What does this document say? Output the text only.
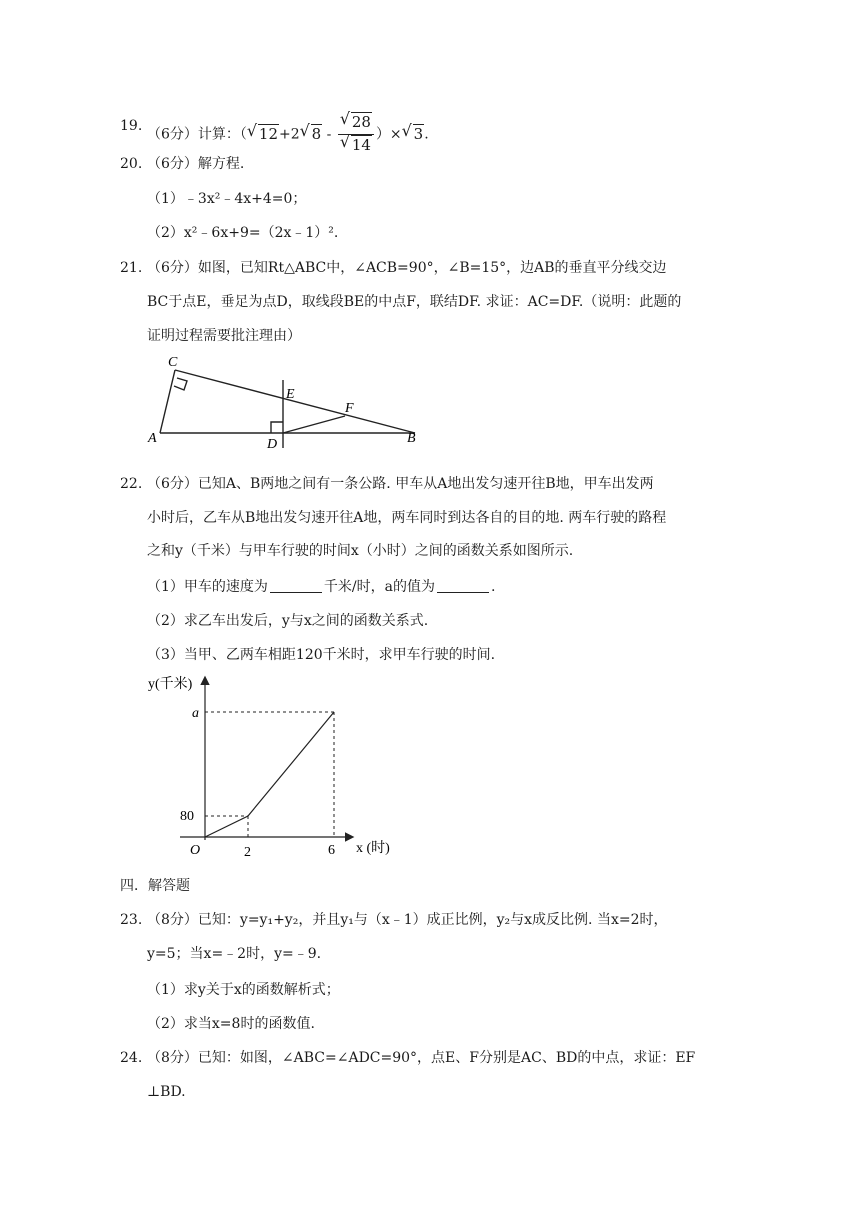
19.
（6分）计算：（ √ 12+2 √ $8 - \frac{√ 28}{√ 14}$ ）× √ 3.
20. （6分）解方程.
（1）﹣3x²﹣4x+4=0；
（2）x²﹣6x+9=（2x﹣1）².
21. （6分）如图，已知Rt△ABC中，∠ACB=90°，∠B=15°，边AB的垂直平分线交边
BC于点E，垂足为点D，取线段BE的中点F，联结DF. 求证：AC=DF.（说明：此题的
证明过程需要批注理由）
C
E
F
A	D	B
22. （6分）已知A、B两地之间有一条公路. 甲车从A地出发匀速开往B地，甲车出发两
小时后，乙车从B地出发匀速开往A地，两车同时到达各自的目的地. 两车行驶的路程
之和y（千米）与甲车行驶的时间x（小时）之间的函数关系如图所示.
（1）甲车的速度为	千米/时，a的值为	.
（2）求乙车出发后，y与x之间的函数关系式.
（3）当甲、乙两车相距120千米时，求甲车行驶的时间.
y(千米)
a
80
O	2	6 x (时)
四．解答题
23. （8分）已知：y=y₁+y₂，并且y₁与（x﹣1）成正比例，y₂与x成反比例. 当x=2时，
y=5；当x=﹣2时，y=﹣9.
（1）求y关于x的函数解析式；
（2）求当x=8时的函数值.
24. （8分）已知：如图，∠ABC=∠ADC=90°，点E、F分别是AC、BD的中点，求证：EF
⊥BD.
